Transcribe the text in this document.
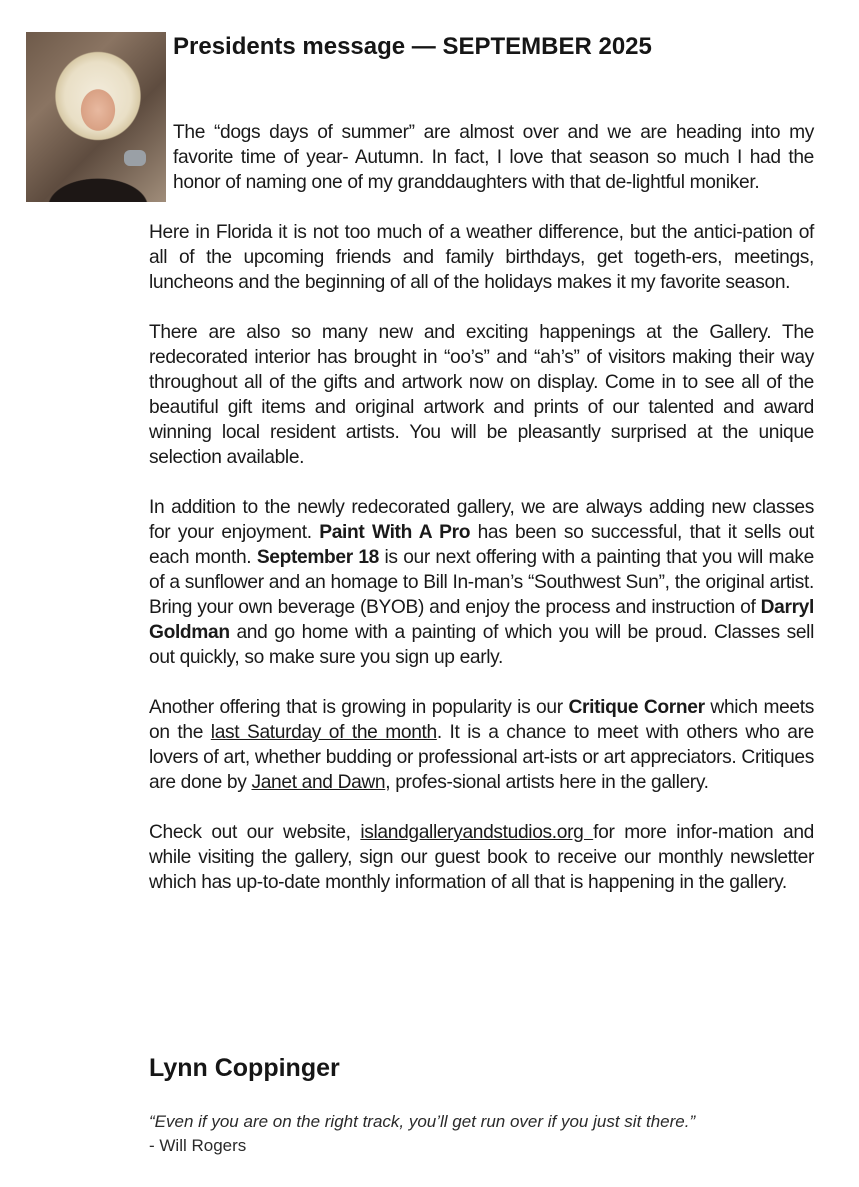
Presidents message — SEPTEMBER 2025

The “dogs days of summer” are almost over and we are heading into my favorite time of year- Autumn. In fact, I love that season so much I had the honor of naming one of my granddaughters with that de-lightful moniker.

Here in Florida it is not too much of a weather difference, but the antici-pation of all of the upcoming friends and family birthdays, get togeth-ers, meetings, luncheons and the beginning of all of the holidays makes it my favorite season.

There are also so many new and exciting happenings at the Gallery. The redecorated interior has brought in “oo’s” and “ah’s” of visitors making their way throughout all of the gifts and artwork now on display. Come in to see all of the beautiful gift items and original artwork and prints of our talented and award winning local resident artists. You will be pleasantly surprised at the unique selection available.

In addition to the newly redecorated gallery, we are always adding new classes for your enjoyment. Paint With A Pro has been so successful, that it sells out each month. September 18 is our next offering with a painting that you will make of a sunflower and an homage to Bill In-man’s “Southwest Sun”, the original artist. Bring your own beverage (BYOB) and enjoy the process and instruction of Darryl Goldman and go home with a painting of which you will be proud. Classes sell out quickly, so make sure you sign up early.

Another offering that is growing in popularity is our Critique Corner which meets on the last Saturday of the month. It is a chance to meet with others who are lovers of art, whether budding or professional art-ists or art appreciators. Critiques are done by Janet and Dawn, profes-sional artists here in the gallery.

Check out our website, islandgalleryandstudios.org for more infor-mation and while visiting the gallery, sign our guest book to receive our monthly newsletter which has up-to-date monthly information of all that is happening in the gallery.

Lynn Coppinger

“Even if you are on the right track, you’ll get run over if you just sit there.”

- Will Rogers
